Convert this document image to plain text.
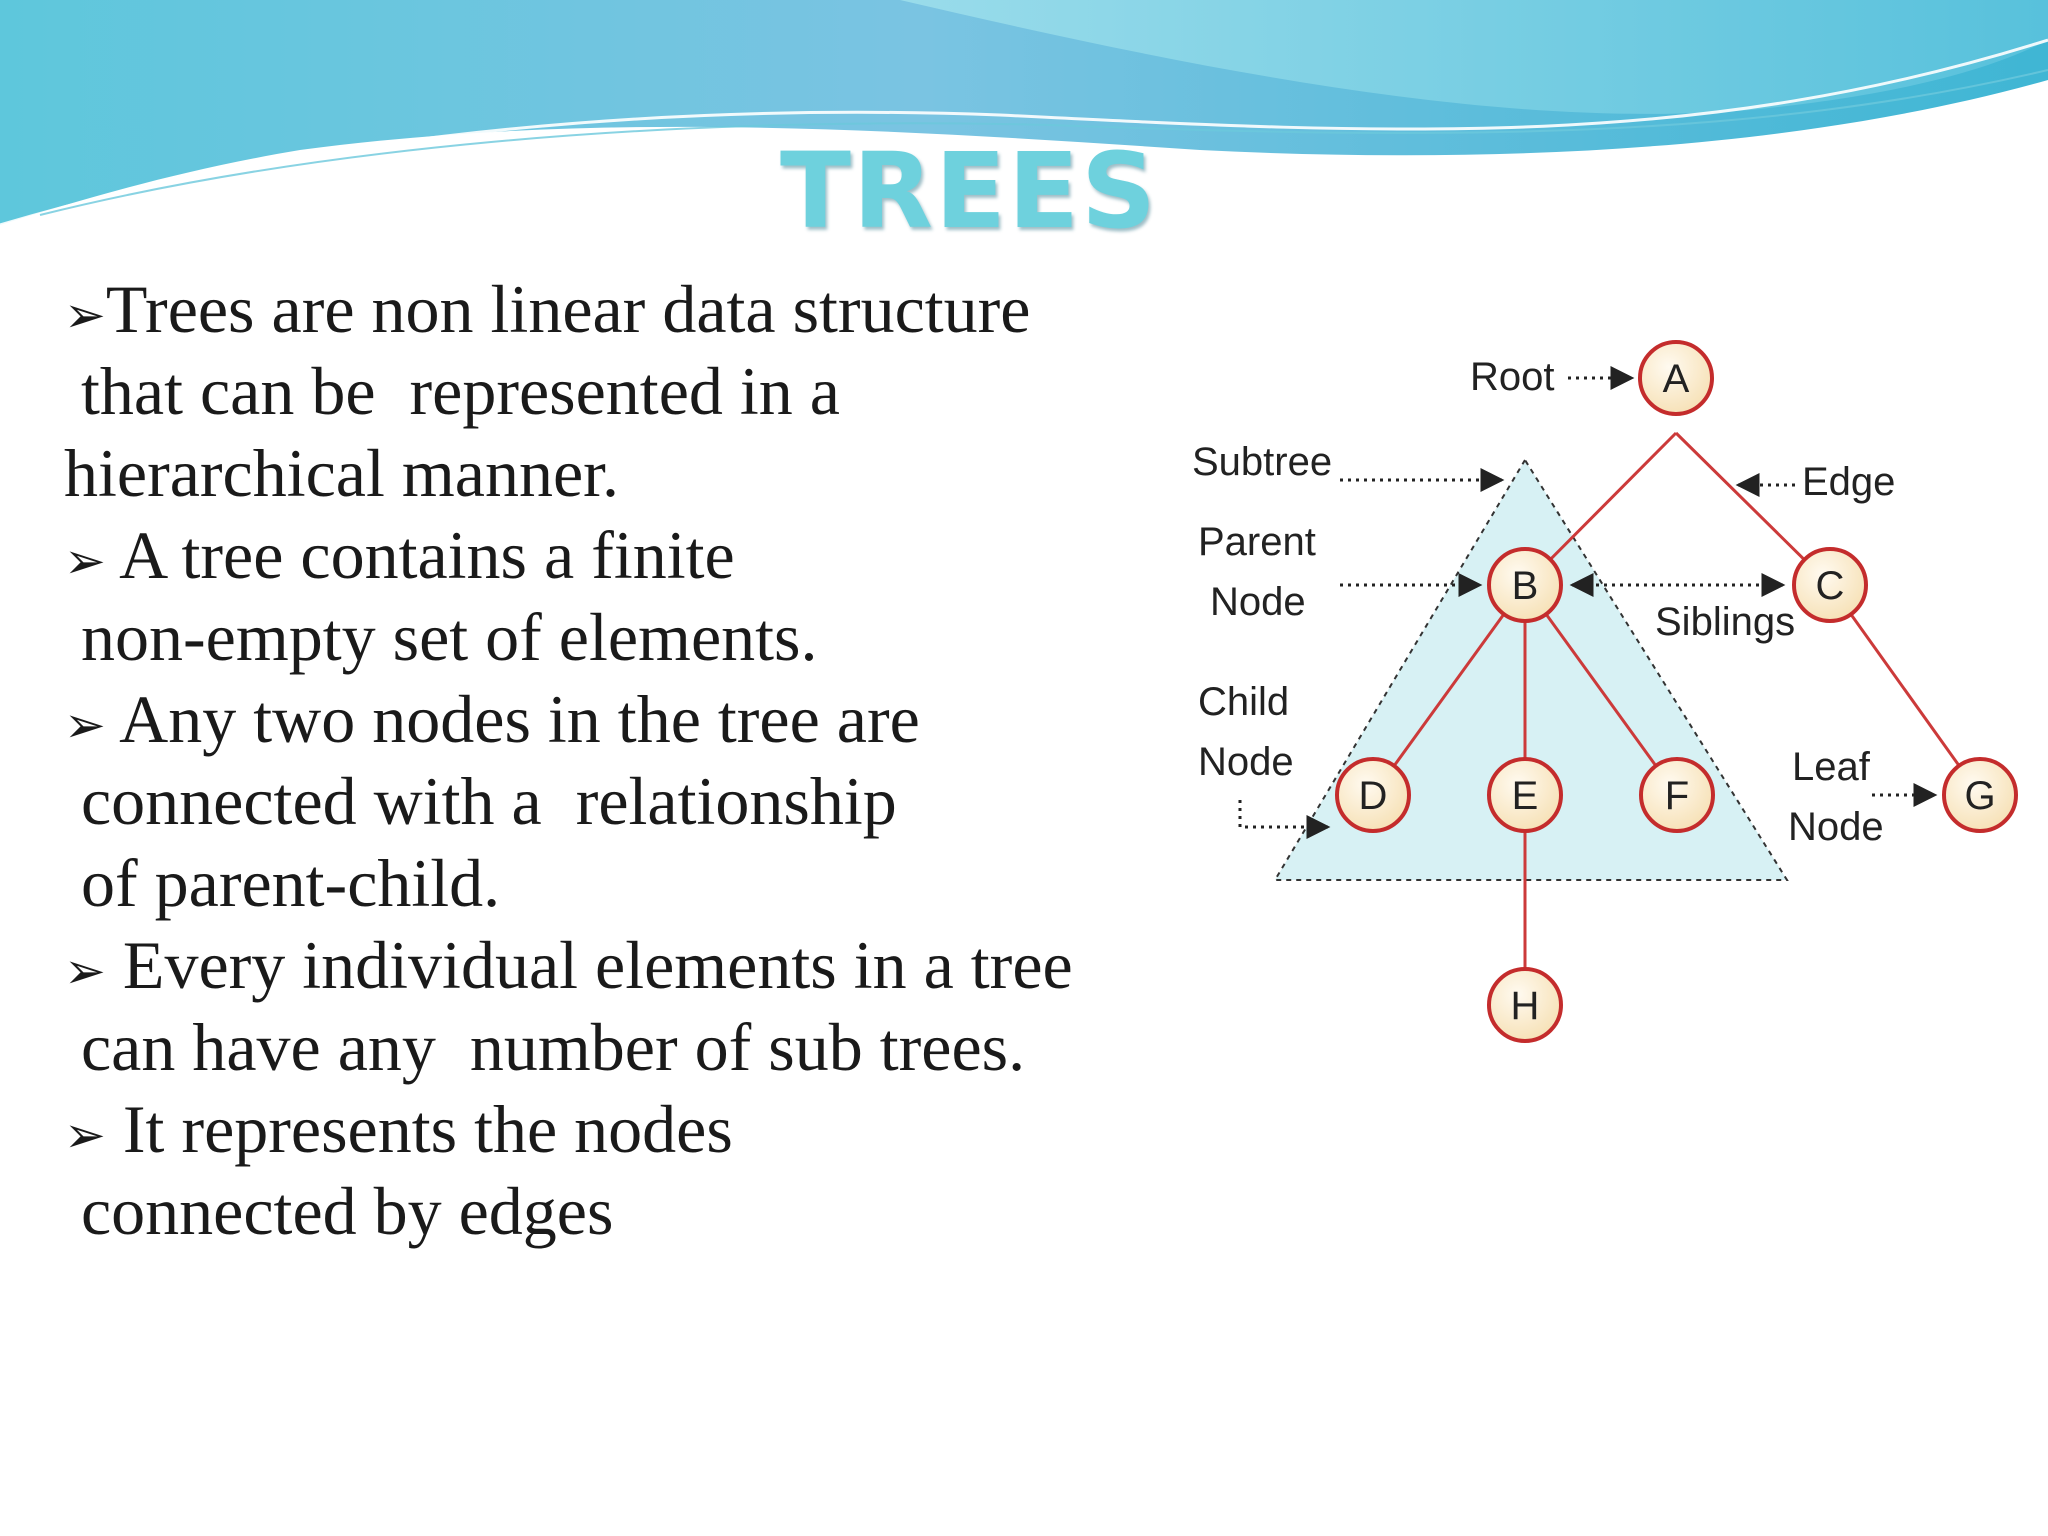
TREES
➢Trees are non linear data structure
that can be  represented in a
hierarchical manner.
➢ A tree contains a finite
non-empty set of elements.
➢ Any two nodes in the tree are
connected with a  relationship
of parent-child.
➢ Every individual elements in a tree
can have any  number of sub trees.
➢ It represents the nodes
connected by edges
A
B	C
D	E	F	G
H
Root
Subtree
Parent
Node
Child
Node
Edge
Siblings
Leaf
Node
